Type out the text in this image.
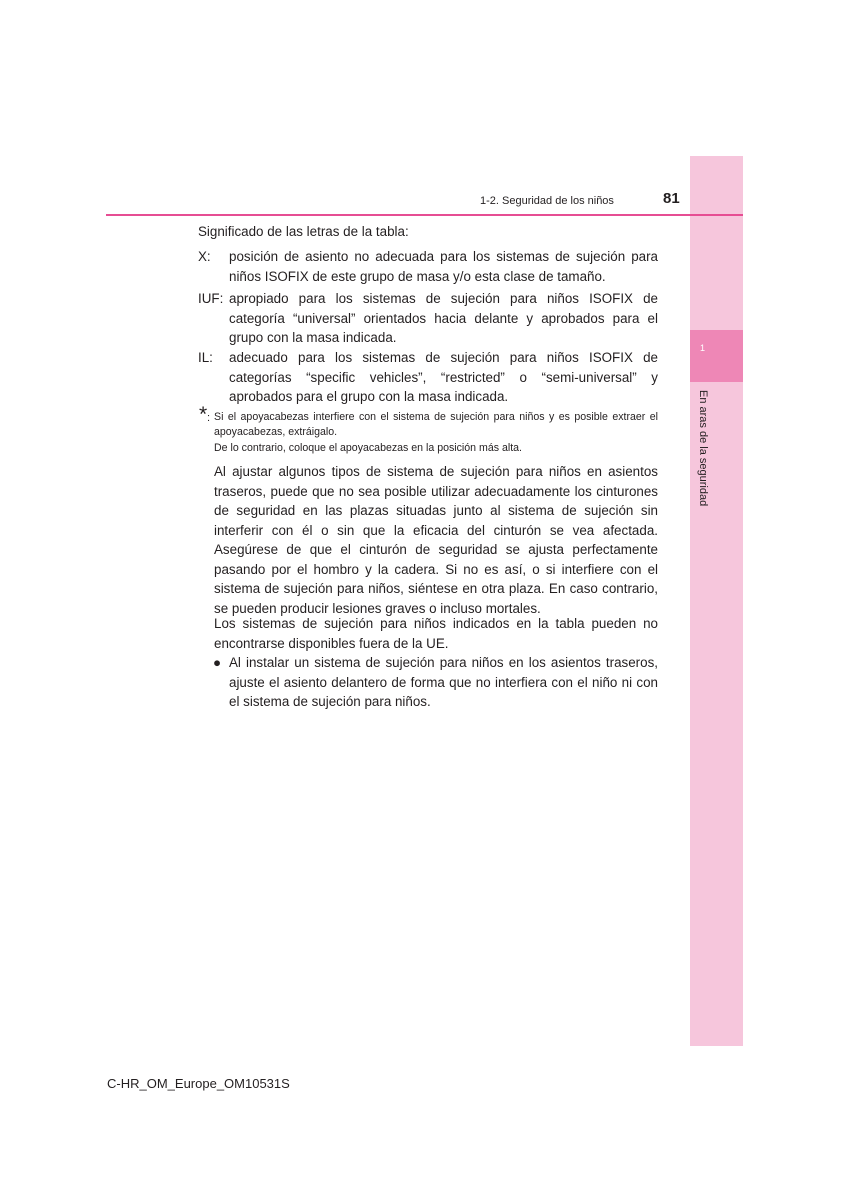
1
En aras de la seguridad
1-2. Seguridad de los niños	81
Significado de las letras de la tabla:
X: posición de asiento no adecuada para los sistemas de sujeción para niños ISOFIX de este grupo de masa y/o esta clase de tamaño.
IUF: apropiado para los sistemas de sujeción para niños ISOFIX de categoría “universal” orientados hacia delante y aprobados para el grupo con la masa indicada.
IL: adecuado para los sistemas de sujeción para niños ISOFIX de categorías “specific vehicles”, “restricted” o “semi-universal” y aprobados para el grupo con la masa indicada.
* : Si el apoyacabezas interfiere con el sistema de sujeción para niños y es posible extraer el apoyacabezas, extráigalo.
De lo contrario, coloque el apoyacabezas en la posición más alta.
Al ajustar algunos tipos de sistema de sujeción para niños en asientos traseros, puede que no sea posible utilizar adecuadamente los cinturones de seguridad en las plazas situadas junto al sistema de sujeción sin interferir con él o sin que la eficacia del cinturón se vea afectada. Asegúrese de que el cinturón de seguridad se ajusta perfectamente pasando por el hombro y la cadera. Si no es así, o si interfiere con el sistema de sujeción para niños, siéntese en otra plaza. En caso contrario, se pueden producir lesiones graves o incluso mortales.
Los sistemas de sujeción para niños indicados en la tabla pueden no encontrarse disponibles fuera de la UE.
● Al instalar un sistema de sujeción para niños en los asientos traseros, ajuste el asiento delantero de forma que no interfiera con el niño ni con el sistema de sujeción para niños.
C-HR_OM_Europe_OM10531S
